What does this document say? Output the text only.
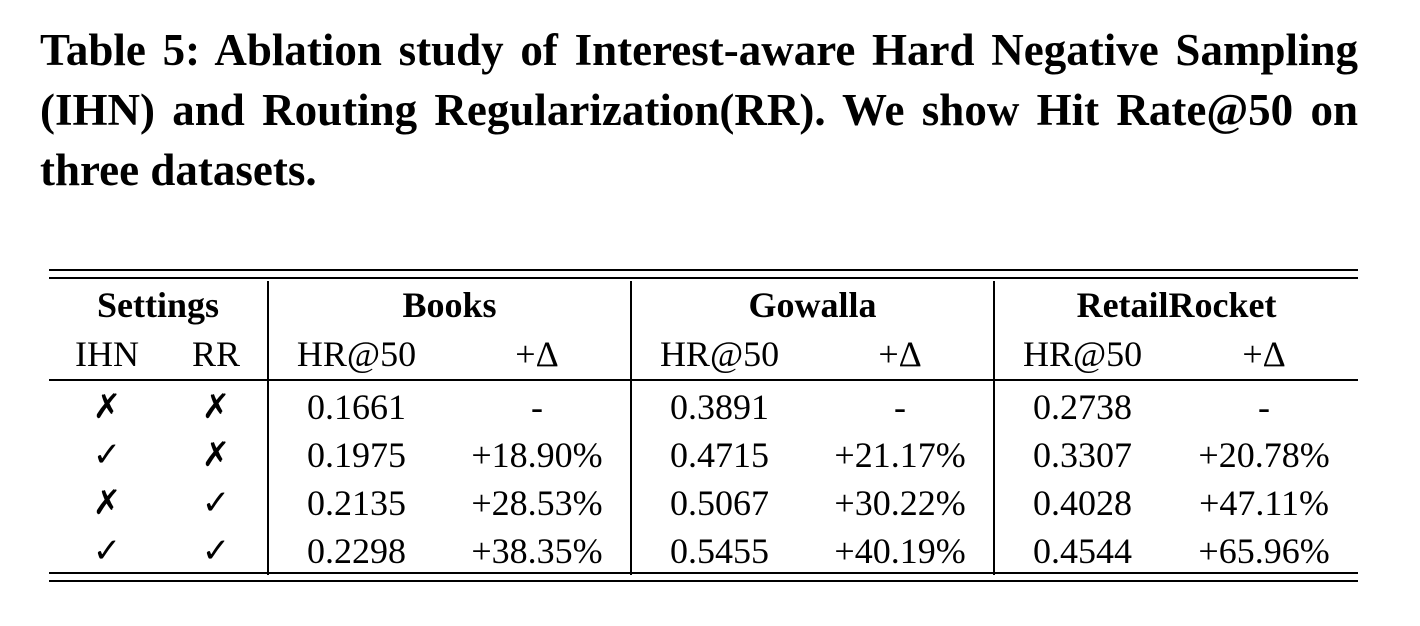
Table 5: Ablation study of Interest-aware Hard Negative Sampling (IHN) and Routing Regularization(RR). We show Hit Rate@50 on three datasets.

Settings		Books		Gowalla		RetailRocket	
IHN	RR	HR@50	+Δ	HR@50	+Δ	HR@50	+Δ
✗	✗	0.1661	-	0.3891	-	0.2738	-
✓	✗	0.1975	+18.90%	0.4715	+21.17%	0.3307	+20.78%
✗	✓	0.2135	+28.53%	0.5067	+30.22%	0.4028	+47.11%
✓	✓	0.2298	+38.35%	0.5455	+40.19%	0.4544	+65.96%
